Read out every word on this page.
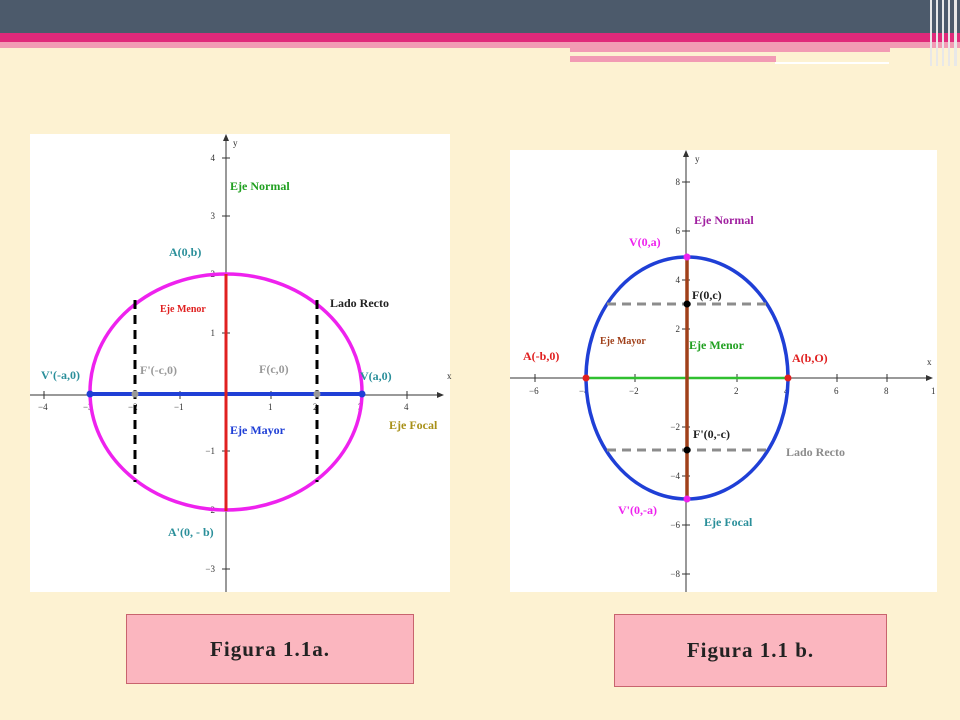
x
y
−4	−3	−2	−1	1	2	3	4
4
3
2
1
−1
−2
−3
Eje Normal
A(0,b)
Eje Menor	Lado Recto
V'(-a,0)	F'(-c,0)	F(c,0)	V(a,0)
Eje Mayor	Eje Focal
A'(0, - b)
Figura 1.1a.
x
y
−6	−4	−2	2	4	6	8	1
8
6
4
2
−2
−4
−6
−8
Eje Normal
V(0,a)
F(0,c)
Eje Mayor	Eje Menor
A(-b,0)	A(b,O)
F'(0,-c)
Lado Recto
V'(0,-a)
Eje Focal
Figura 1.1 b.
